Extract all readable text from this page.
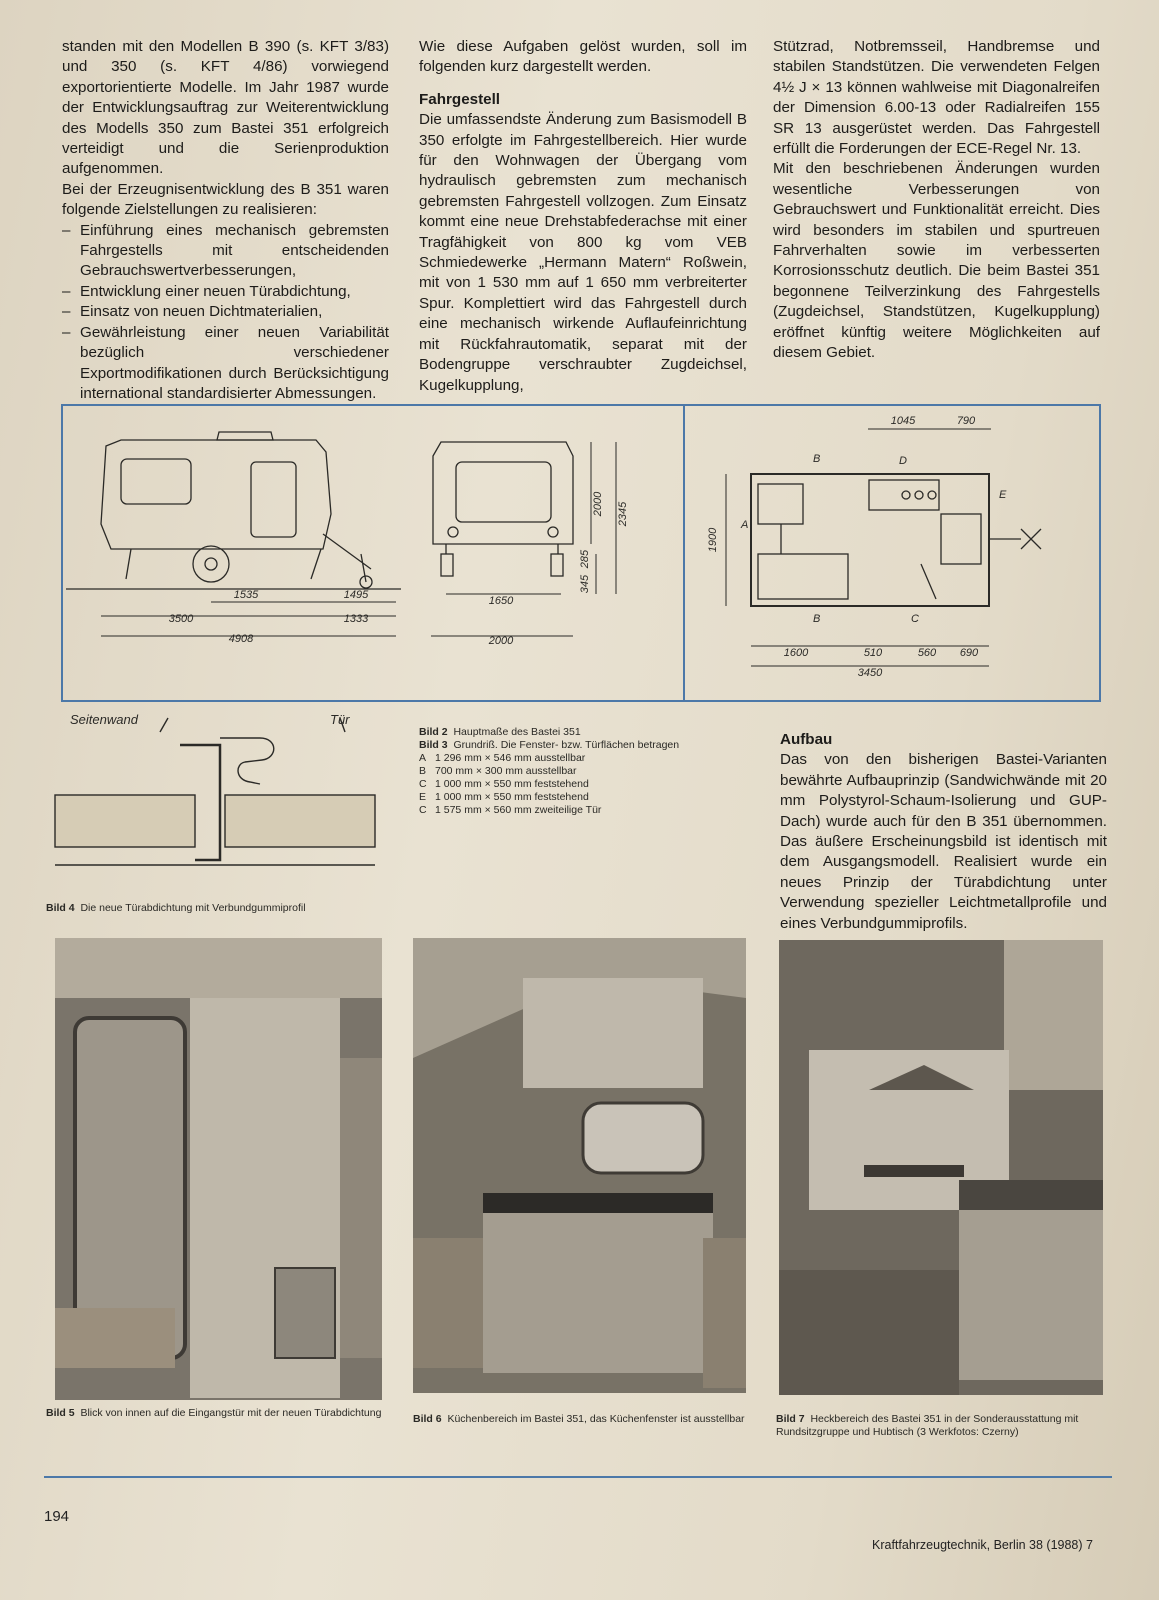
standen mit den Modellen B 390 (s. KFT 3/83) und 350 (s. KFT 4/86) vorwiegend exportorientierte Modelle. Im Jahr 1987 wurde der Entwicklungsauftrag zur Weiterentwicklung des Modells 350 zum Bastei 351 erfolgreich verteidigt und die Serienproduktion aufgenommen.

Bei der Erzeugnisentwicklung des B 351 waren folgende Zielstellungen zu realisieren:

– Einführung eines mechanisch gebremsten Fahrgestells mit entscheidenden Gebrauchswertverbesserungen,
– Entwicklung einer neuen Türabdichtung,
– Einsatz von neuen Dichtmaterialien,
– Gewährleistung einer neuen Variabilität bezüglich verschiedener Exportmodifikationen durch Berücksichtigung international standardisierter Abmessungen.

Wie diese Aufgaben gelöst wurden, soll im folgenden kurz dargestellt werden.

Fahrgestell

Die umfassendste Änderung zum Basismodell B 350 erfolgte im Fahrgestellbereich. Hier wurde für den Wohnwagen der Übergang vom hydraulisch gebremsten zum mechanisch gebremsten Fahrgestell vollzogen. Zum Einsatz kommt eine neue Drehstabfederachse mit einer Tragfähigkeit von 800 kg vom VEB Schmiedewerke „Hermann Matern“ Roßwein, mit von 1 530 mm auf 1 650 mm verbreiterter Spur. Komplettiert wird das Fahrgestell durch eine mechanisch wirkende Auflaufeinrichtung mit Rückfahrautomatik, separat mit der Bodengruppe verschraubter Zugdeichsel, Kugelkupplung,

Stützrad, Notbremsseil, Handbremse und stabilen Standstützen. Die verwendeten Felgen 4½ J × 13 können wahlweise mit Diagonalreifen der Dimension 6.00-13 oder Radialreifen 155 SR 13 ausgerüstet werden. Das Fahrgestell erfüllt die Forderungen der ECE-Regel Nr. 13.

Mit den beschriebenen Änderungen wurden wesentliche Verbesserungen von Gebrauchswert und Funktionalität erreicht. Dies wird besonders im stabilen und spurtreuen Fahrverhalten sowie im verbesserten Korrosionsschutz deutlich. Die beim Bastei 351 begonnene Teilverzinkung des Fahrgestells (Zugdeichsel, Standstützen, Kugelkupplung) eröffnet künftig weitere Möglichkeiten auf diesem Gebiet.

1535	1495
3500	1333
4908
1650
2000
285
345
2000
2345
1045	790
1900
1600	510	560 690
3450
B	D
A
E
B	C
Seitenwand	Tür
Bild 2 Hauptmaße des Bastei 351
Bild 3 Grundriß. Die Fenster- bzw. Türflächen betragen
A 1 296 mm × 546 mm ausstellbar
B 700 mm × 300 mm ausstellbar
C 1 000 mm × 550 mm feststehend
E 1 000 mm × 550 mm feststehend
C 1 575 mm × 560 mm zweiteilige Tür
Aufbau

Das von den bisherigen Bastei-Varianten bewährte Aufbauprinzip (Sandwichwände mit 20 mm Polystyrol-Schaum-Isolierung und GUP-Dach) wurde auch für den B 351 übernommen. Das äußere Erscheinungsbild ist identisch mit dem Ausgangsmodell. Realisiert wurde ein neues Prinzip der Türabdichtung unter Verwendung spezieller Leichtmetallprofile und eines Verbundgummiprofils.

Bild 4 Die neue Türabdichtung mit Verbundgummiprofil
Bild 5 Blick von innen auf die Eingangstür mit der neuen Türabdichtung	Bild 6 Küchenbereich im Bastei 351, das Küchenfenster ist ausstellbar	Bild 7 Heckbereich des Bastei 351 in der Sonderausstattung mit Rundsitzgruppe und Hubtisch (3 Werkfotos: Czerny)
194
Kraftfahrzeugtechnik, Berlin 38 (1988) 7
